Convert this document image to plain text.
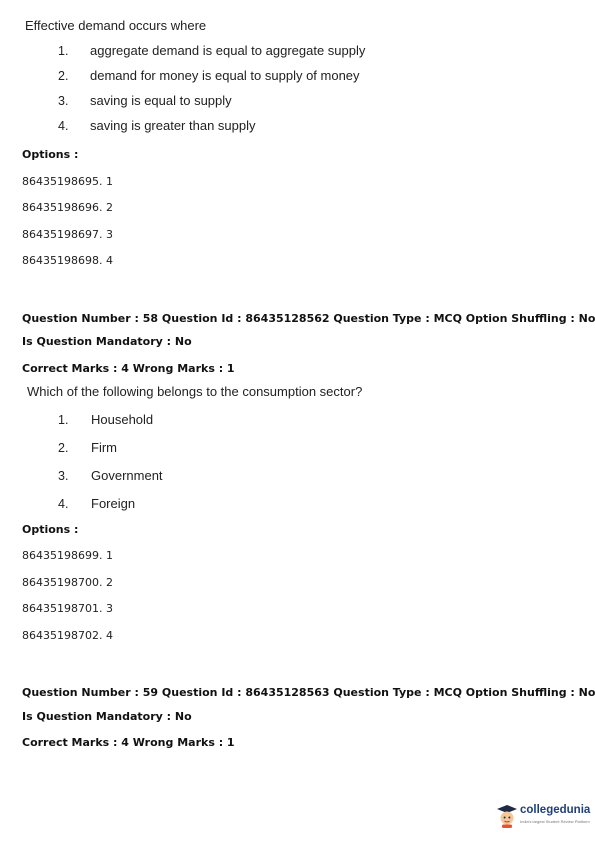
Effective demand occurs where
1. aggregate demand is equal to aggregate supply
2. demand for money is equal to supply of money
3. saving is equal to supply
4. saving is greater than supply
Options :
86435198695. 1
86435198696. 2
86435198697. 3
86435198698. 4
Question Number : 58 Question Id : 86435128562 Question Type : MCQ Option Shuffling : No
Is Question Mandatory : No
Correct Marks : 4 Wrong Marks : 1
Which of the following belongs to the consumption sector?
1. Household
2. Firm
3. Government
4. Foreign
Options :
86435198699. 1
86435198700. 2
86435198701. 3
86435198702. 4
Question Number : 59 Question Id : 86435128563 Question Type : MCQ Option Shuffling : No
Is Question Mandatory : No
Correct Marks : 4 Wrong Marks : 1
collegedunia
India's largest Student Review Platform
